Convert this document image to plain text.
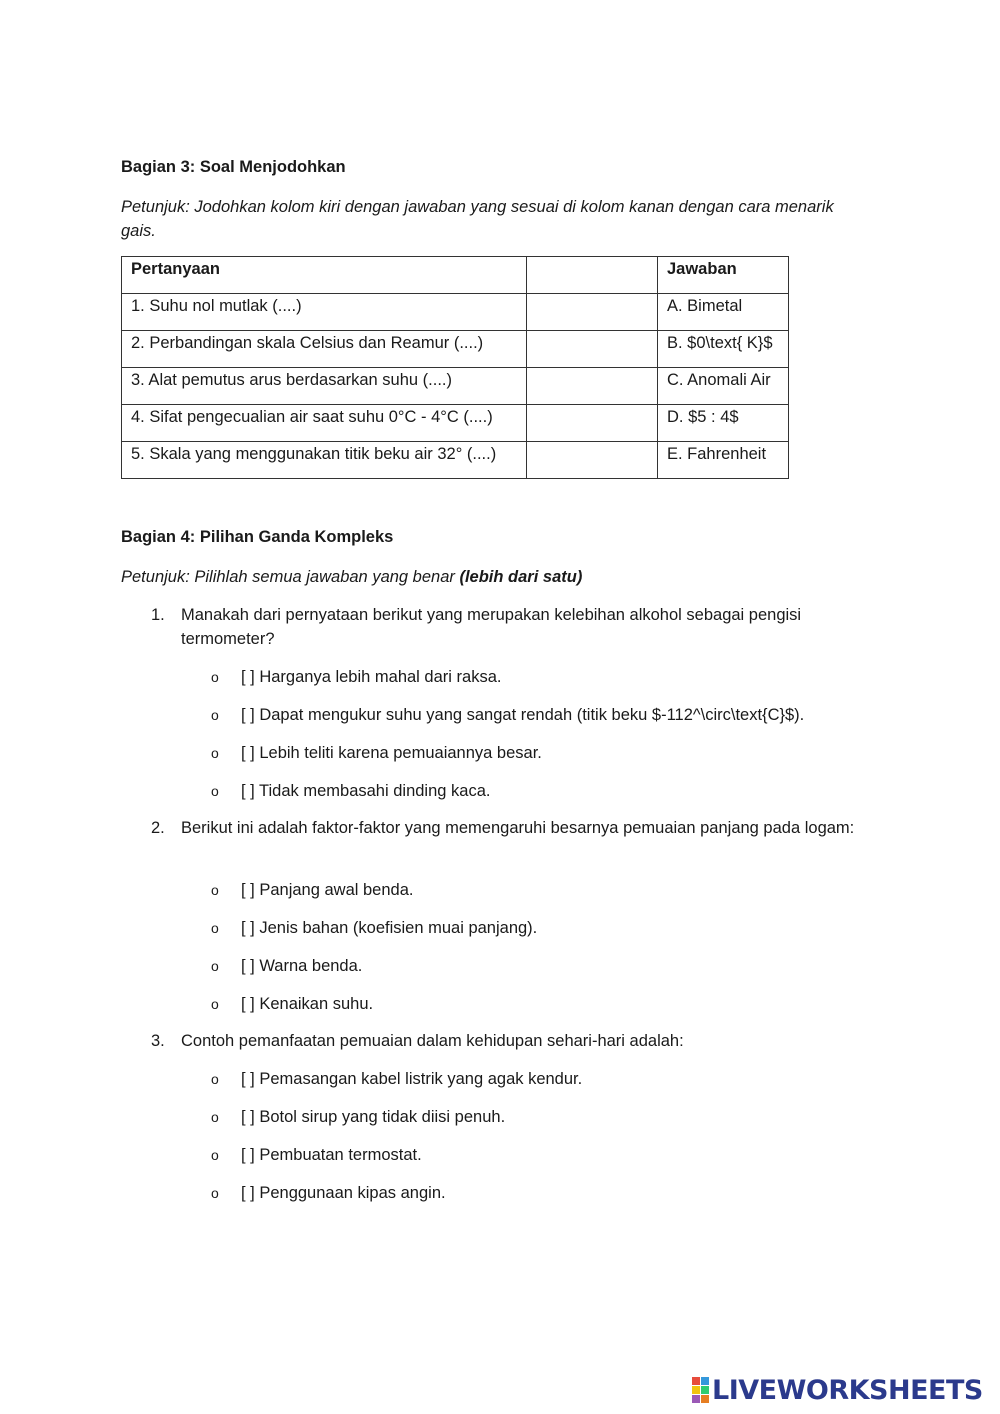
Bagian 3: Soal Menjodohkan
Petunjuk: Jodohkan kolom kiri dengan jawaban yang sesuai di kolom kanan dengan cara menarik gais.
Pertanyaan		Jawaban
1. Suhu nol mutlak (....)		A. Bimetal
2. Perbandingan skala Celsius dan Reamur (....)		B. $0\text{ K}$
3. Alat pemutus arus berdasarkan suhu (....)		C. Anomali Air
4. Sifat pengecualian air saat suhu 0°C - 4°C (....)		D. $5 : 4$
5. Skala yang menggunakan titik beku air 32° (....)		E. Fahrenheit
Bagian 4: Pilihan Ganda Kompleks
Petunjuk: Pilihlah semua jawaban yang benar (lebih dari satu)
1. Manakah dari pernyataan berikut yang merupakan kelebihan alkohol sebagai pengisi termometer?
o [ ] Harganya lebih mahal dari raksa.
o [ ] Dapat mengukur suhu yang sangat rendah (titik beku $-112^\circ\text{C}$).
o [ ] Lebih teliti karena pemuaiannya besar.
o [ ] Tidak membasahi dinding kaca.
2. Berikut ini adalah faktor-faktor yang memengaruhi besarnya pemuaian panjang pada logam:
o [ ] Panjang awal benda.
o [ ] Jenis bahan (koefisien muai panjang).
o [ ] Warna benda.
o [ ] Kenaikan suhu.
3. Contoh pemanfaatan pemuaian dalam kehidupan sehari-hari adalah:
o [ ] Pemasangan kabel listrik yang agak kendur.
o [ ] Botol sirup yang tidak diisi penuh.
o [ ] Pembuatan termostat.
o [ ] Penggunaan kipas angin.
LIVEWORKSHEETS
